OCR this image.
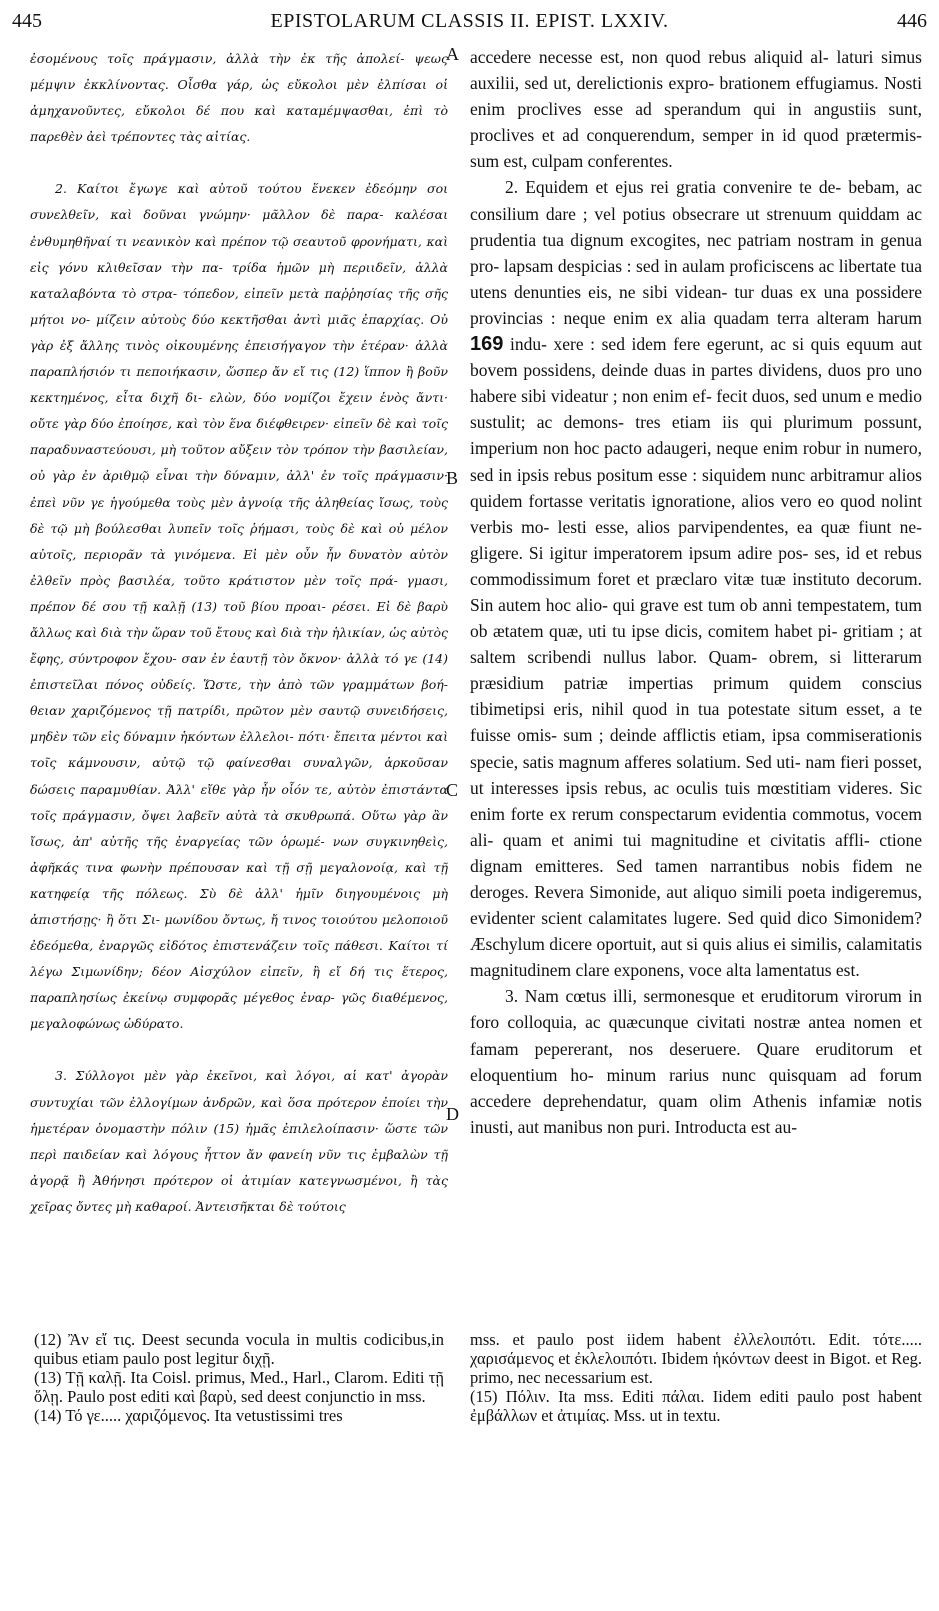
445	EPISTOLARUM CLASSIS II. EPIST. LXXIV.	446

ἐσομένους τοῖς πράγμασιν, ἀλλὰ τὴν ἐκ τῆς ἀπολεί- ψεως μέμψιν ἐκκλίνοντας. Οἶσθα γάρ, ὡς εὔκολοι μὲν ἐλπίσαι οἱ ἀμηχανοῦντες, εὔκολοι δέ που καὶ καταμέμψασθαι, ἐπὶ τὸ παρεθὲν ἀεὶ τρέποντες τὰς αἰτίας.

2. Καίτοι ἔγωγε καὶ αὐτοῦ τούτου ἕνεκεν ἐδεόμην σοι συνελθεῖν, καὶ δοῦναι γνώμην· μᾶλλον δὲ παρα- καλέσαι ἐνθυμηθῆναί τι νεανικὸν καὶ πρέπον τῷ σεαυτοῦ φρονήματι, καὶ εἰς γόνυ κλιθεῖσαν τὴν πα- τρίδα ἡμῶν μὴ περιιδεῖν, ἀλλὰ καταλαβόντα τὸ στρα- τόπεδον, εἰπεῖν μετὰ παῤῥησίας τῆς σῆς μήτοι νο- μίζειν αὐτοὺς δύο κεκτῆσθαι ἀντὶ μιᾶς ἐπαρχίας. Οὐ γὰρ ἐξ ἄλλης τινὸς οἰκουμένης ἐπεισήγαγον τὴν ἑτέραν· ἀλλὰ παραπλήσιόν τι πεποιήκασιν, ὥσπερ ἄν εἴ τις (12) ἵππον ἢ βοῦν κεκτημένος, εἶτα διχῆ δι- ελὼν, δύο νομίζοι ἔχειν ἑνὸς ἄντι· οὔτε γὰρ δύο ἐποίησε, καὶ τὸν ἕνα διέφθειρεν· εἰπεῖν δὲ καὶ τοῖς παραδυναστεύουσι, μὴ τοῦτον αὔξειν τὸν τρόπον τὴν βασιλείαν, οὐ γὰρ ἐν ἀριθμῷ εἶναι τὴν δύναμιν, ἀλλ' ἐν τοῖς πράγμασιν· ἐπεὶ νῦν γε ἡγούμεθα τοὺς μὲν ἀγνοίᾳ τῆς ἀληθείας ἴσως, τοὺς δὲ τῷ μὴ βούλεσθαι λυπεῖν τοῖς ῥήμασι, τοὺς δὲ καὶ οὐ μέλον αὐτοῖς, περιορᾶν τὰ γινόμενα. Εἰ μὲν οὖν ἦν δυνατὸν αὐτὸν ἐλθεῖν πρὸς βασιλέα, τοῦτο κράτιστον μὲν τοῖς πρά- γμασι, πρέπον δέ σου τῇ καλῇ (13) τοῦ βίου προαι- ρέσει. Εἰ δὲ βαρὺ ἄλλως καὶ διὰ τὴν ὥραν τοῦ ἔτους καὶ διὰ τὴν ἡλικίαν, ὡς αὐτὸς ἔφης, σύντροφον ἔχου- σαν ἐν ἑαυτῇ τὸν ὄκνον· ἀλλὰ τό γε (14) ἐπιστεῖλαι πόνος οὐδείς. Ὥστε, τὴν ἀπὸ τῶν γραμμάτων βοή- θειαν χαριζόμενος τῇ πατρίδι, πρῶτον μὲν σαυτῷ συνειδήσεις, μηδὲν τῶν εἰς δύναμιν ἡκόντων ἐλλελοι- πότι· ἔπειτα μέντοι καὶ τοῖς κάμνουσιν, αὐτῷ τῷ φαίνεσθαι συναλγῶν, ἀρκοῦσαν δώσεις παραμυθίαν. Ἀλλ' εἴθε γὰρ ἦν οἷόν τε, αὐτὸν ἐπιστάντα τοῖς πράγμασιν, ὄψει λαβεῖν αὐτὰ τὰ σκυθρωπά. Οὕτω γὰρ ἂν ἴσως, ἀπ' αὐτῆς τῆς ἐναργείας τῶν ὁρωμέ- νων συγκινηθεὶς, ἀφῆκάς τινα φωνὴν πρέπουσαν καὶ τῇ σῇ μεγαλονοίᾳ, καὶ τῇ κατηφείᾳ τῆς πόλεως. Σὺ δὲ ἀλλ' ἡμῖν διηγουμένοις μὴ ἀπιστήσῃς· ἢ ὅτι Σι- μωνίδου ὄντως, ἤ τινος τοιούτου μελοποιοῦ ἐδεόμεθα, ἐναργῶς εἰδότος ἐπιστενάζειν τοῖς πάθεσι. Καίτοι τί λέγω Σιμωνίδην; δέον Αἰσχύλον εἰπεῖν, ἢ εἴ δή τις ἕτερος, παραπλησίως ἐκείνῳ συμφορᾶς μέγεθος ἐναρ- γῶς διαθέμενος, μεγαλοφώνως ὠδύρατο.

3. Σύλλογοι μὲν γὰρ ἐκεῖνοι, καὶ λόγοι, αἱ κατ' ἀγορὰν συντυχίαι τῶν ἐλλογίμων ἀνδρῶν, καὶ ὅσα πρότερον ἐποίει τὴν ἡμετέραν ὀνομαστὴν πόλιν (15) ἡμᾶς ἐπιλελοίπασιν· ὥστε τῶν περὶ παιδείαν καὶ λόγους ἧττον ἄν φανείη νῦν τις ἐμβαλὼν τῇ ἀγορᾷ ἢ Ἀθήνησι πρότερον οἱ ἀτιμίαν κατεγνωσμένοι, ἢ τὰς χεῖρας ὄντες μὴ καθαροί. Ἀντεισῆκται δὲ τούτοις

A
B
C
D

accedere necesse est, non quod rebus aliquid al- laturi simus auxilii, sed ut, derelictionis expro- brationem effugiamus. Nosti enim proclives esse ad sperandum qui in angustiis sunt, proclives et ad conquerendum, semper in id quod prætermis- sum est, culpam conferentes.

2. Equidem et ejus rei gratia convenire te de- bebam, ac consilium dare ; vel potius obsecrare ut strenuum quiddam ac prudentia tua dignum excogites, nec patriam nostram in genua pro- lapsam despicias : sed in aulam proficiscens ac libertate tua utens denunties eis, ne sibi videan- tur duas ex una possidere provincias : neque enim ex alia quadam terra alteram harum 169 indu- xere : sed idem fere egerunt, ac si quis equum aut bovem possidens, deinde duas in partes dividens, duos pro uno habere sibi videatur ; non enim ef- fecit duos, sed unum e medio sustulit; ac demons- tres etiam iis qui plurimum possunt, imperium non hoc pacto adaugeri, neque enim robur in numero, sed in ipsis rebus positum esse : siquidem nunc arbitramur alios quidem fortasse veritatis ignoratione, alios vero eo quod nolint verbis mo- lesti esse, alios parvipendentes, ea quæ fiunt ne- gligere. Si igitur imperatorem ipsum adire pos- ses, id et rebus commodissimum foret et præclaro vitæ tuæ instituto decorum. Sin autem hoc alio- qui grave est tum ob anni tempestatem, tum ob ætatem quæ, uti tu ipse dicis, comitem habet pi- gritiam ; at saltem scribendi nullus labor. Quam- obrem, si litterarum præsidium patriæ impertias primum quidem conscius tibimetipsi eris, nihil quod in tua potestate situm esset, a te fuisse omis- sum ; deinde afflictis etiam, ipsa commiserationis specie, satis magnum afferes solatium. Sed uti- nam fieri posset, ut interesses ipsis rebus, ac oculis tuis mœstitiam videres. Sic enim forte ex rerum conspectarum evidentia commotus, vocem ali- quam et animi tui magnitudine et civitatis affli- ctione dignam emitteres. Sed tamen narrantibus nobis fidem ne deroges. Revera Simonide, aut aliquo simili poeta indigeremus, evidenter scient calamitates lugere. Sed quid dico Simonidem? Æschylum dicere oportuit, aut si quis alius ei similis, calamitatis magnitudinem clare exponens, voce alta lamentatus est.

3. Nam cœtus illi, sermonesque et eruditorum virorum in foro colloquia, ac quæcunque civitati nostræ antea nomen et famam pepererant, nos deseruere. Quare eruditorum et eloquentium ho- minum rarius nunc quisquam ad forum accedere deprehendatur, quam olim Athenis infamiæ notis inusti, aut manibus non puri. Introducta est au-

(12) Ἂν εἴ τις. Deest secunda vocula in multis codicibus,in quibus etiam paulo post legitur διχῇ.

(13) Τῇ καλῇ. Ita Coisl. primus, Med., Harl., Clarom. Editi τῇ ὅλῃ. Paulo post editi καὶ βαρὺ, sed deest conjunctio in mss.

(14) Τό γε..... χαριζόμενος. Ita vetustissimi tres

mss. et paulo post iidem habent ἐλλελοιπότι. Edit. τότε..... χαρισάμενος et ἐκλελοιπότι. Ibidem ἡκόντων deest in Bigot. et Reg. primo, nec necessarium est.

(15) Πόλιν. Ita mss. Editi πάλαι. Iidem editi paulo post habent ἐμβάλλων et ἀτιμίας. Mss. ut in textu.
